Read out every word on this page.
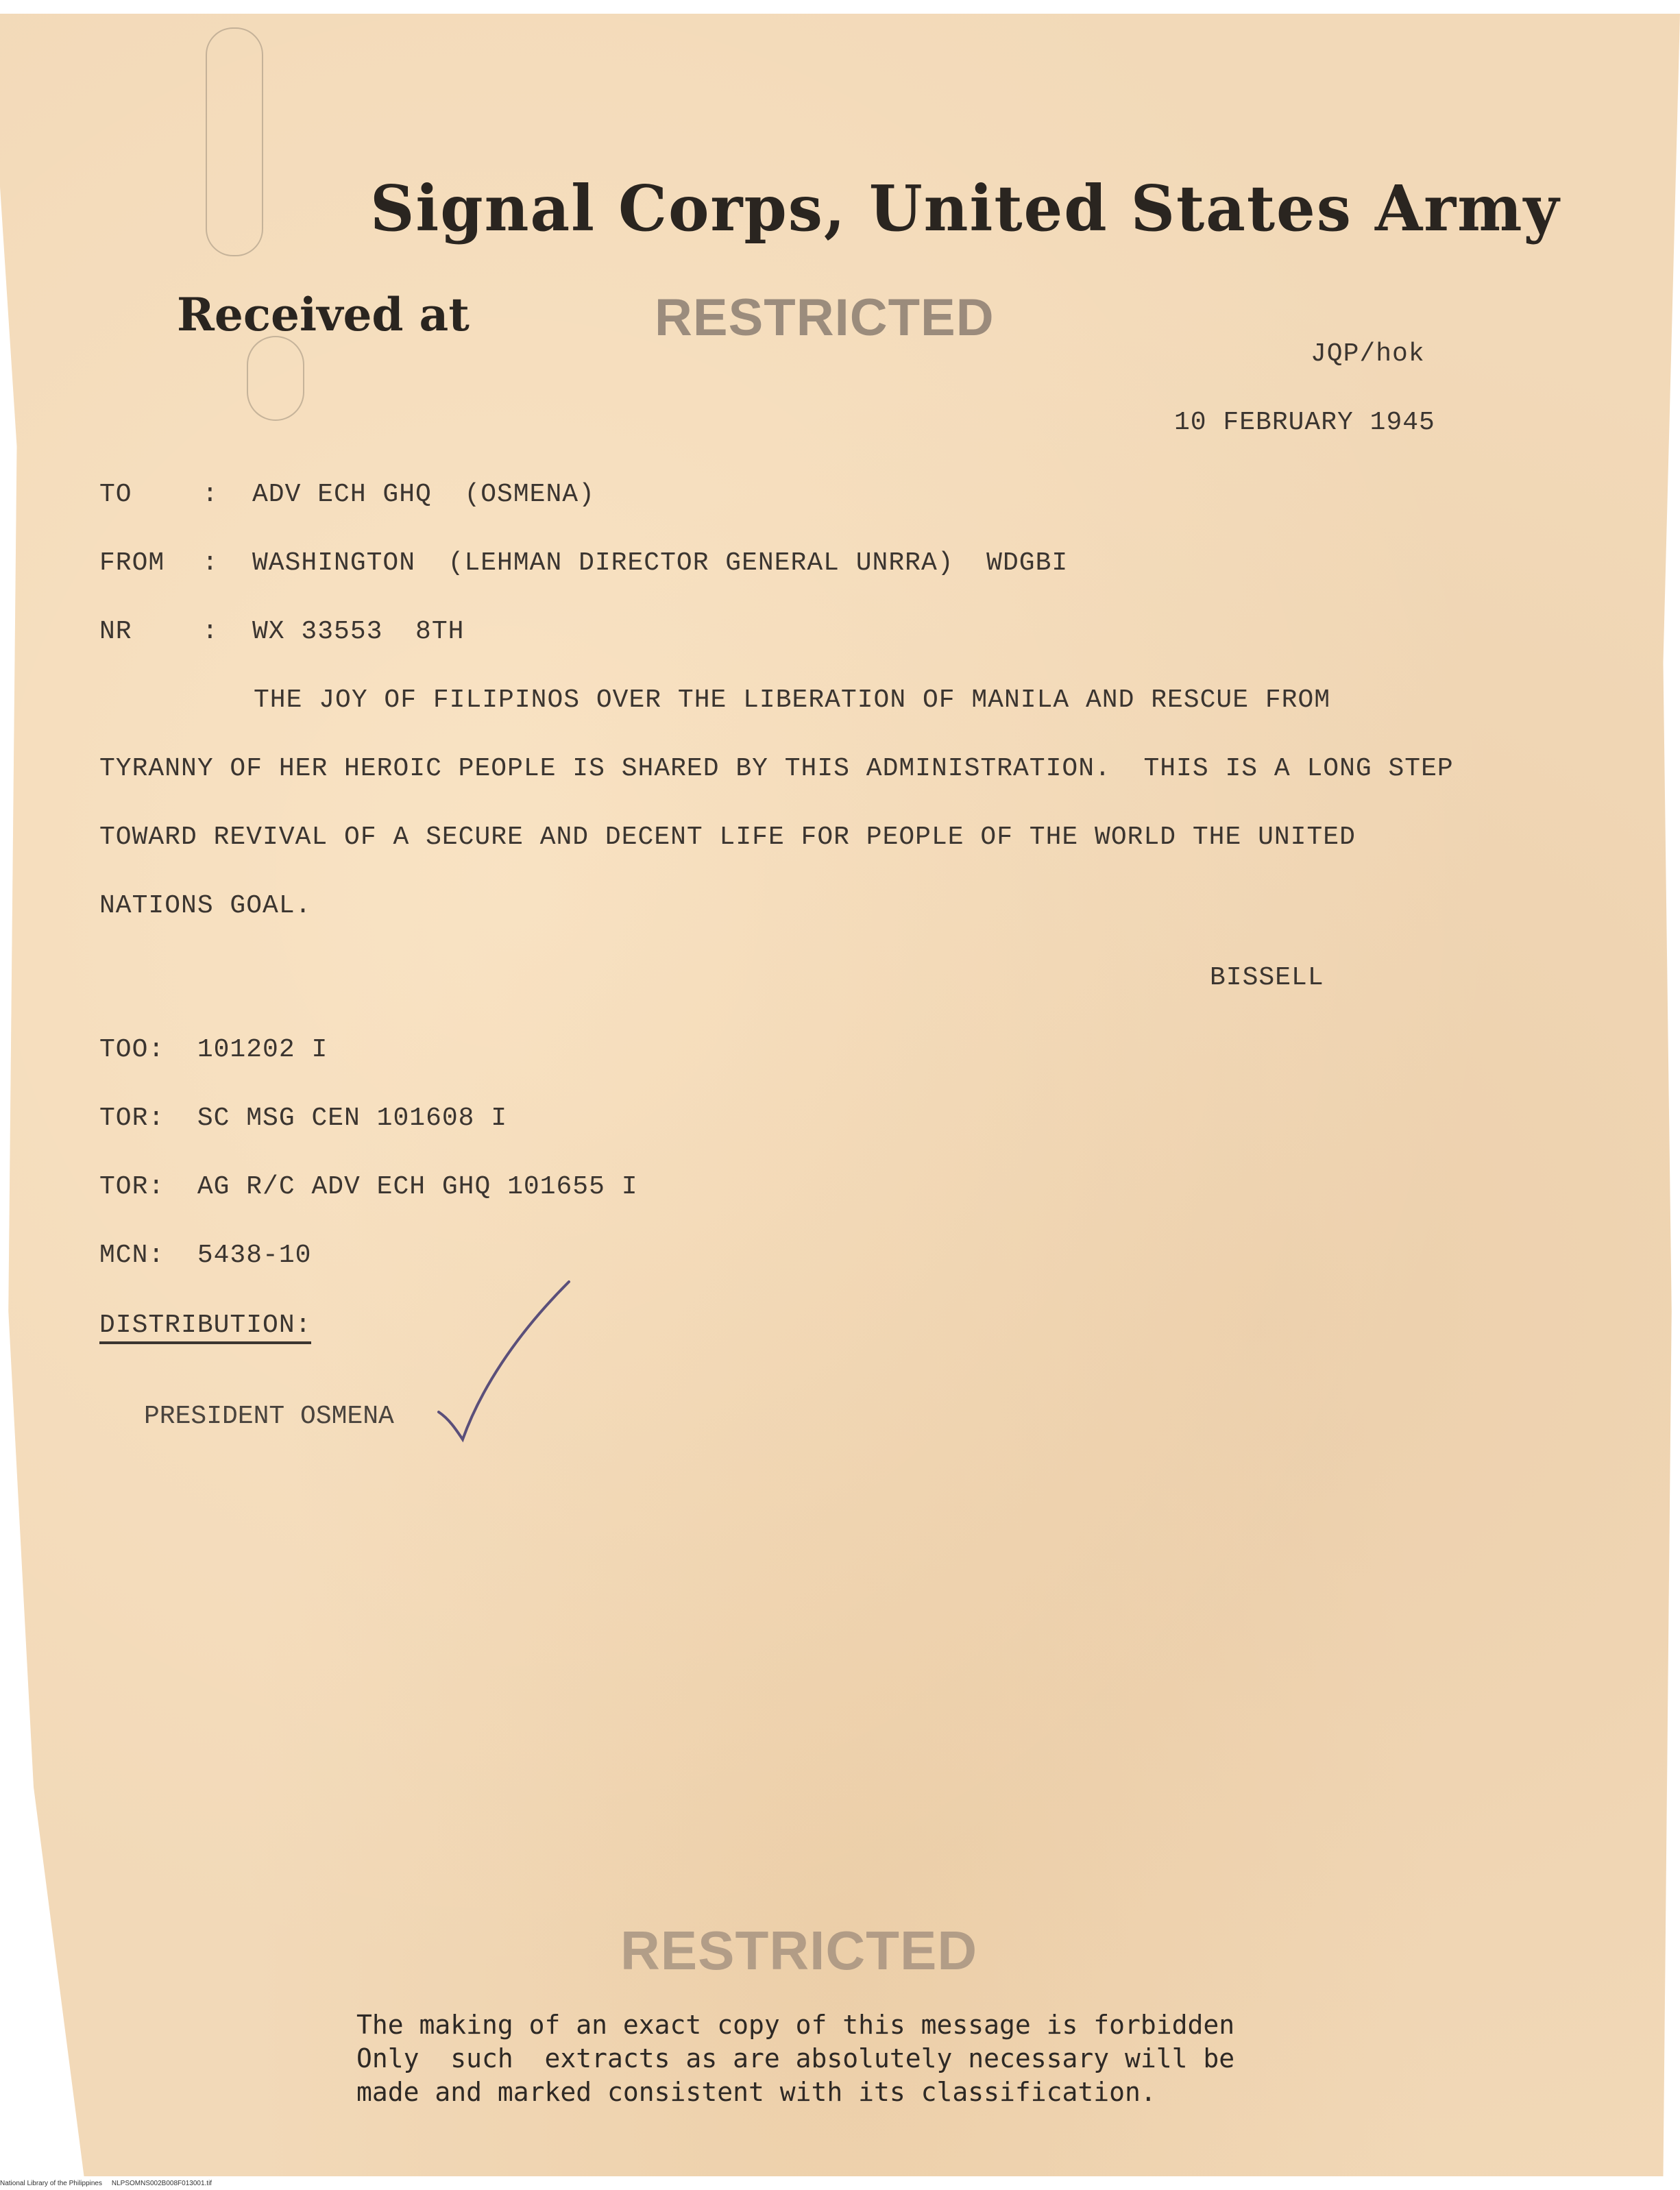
Signal Corps, United States Army
Received at	RESTRICTED
JQP/hok
10 FEBRUARY 1945
TO	: ADV ECH GHQ  (OSMENA)
FROM : WASHINGTON  (LEHMAN DIRECTOR GENERAL UNRRA)  WDGBI
NR	: WX 33553  8TH
THE JOY OF FILIPINOS OVER THE LIBERATION OF MANILA AND RESCUE FROM
TYRANNY OF HER HEROIC PEOPLE IS SHARED BY THIS ADMINISTRATION.  THIS IS A LONG STEP
TOWARD REVIVAL OF A SECURE AND DECENT LIFE FOR PEOPLE OF THE WORLD THE UNITED
NATIONS GOAL.
BISSELL
TOO:  101202 I
TOR:  SC MSG CEN 101608 I
TOR:  AG R/C ADV ECH GHQ 101655 I
MCN:  5438-10
DISTRIBUTION:
PRESIDENT OSMENA
RESTRICTED
The making of an exact copy of this message is forbidden
Only  such  extracts as are absolutely necessary will be
made and marked consistent with its classification.
National Library of the Philippines     NLPSOMNS002B008F013001.tif
